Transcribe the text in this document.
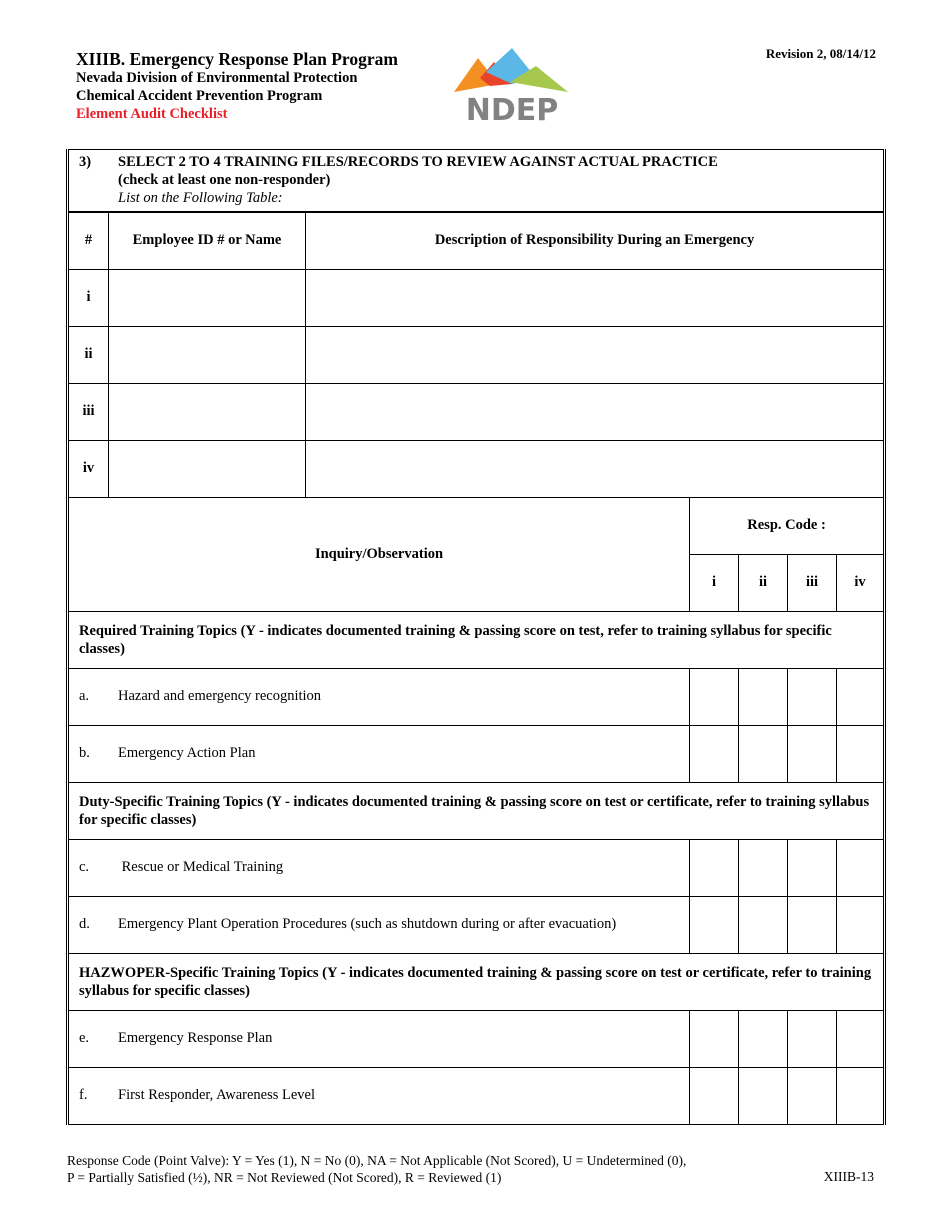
XIIIB. Emergency Response Plan Program
Nevada Division of Environmental Protection
Chemical Accident Prevention Program
Element Audit Checklist	NDEP
Revision 2, 08/14/12
3) SELECT 2 TO 4 TRAINING FILES/RECORDS TO REVIEW AGAINST ACTUAL PRACTICE
(check at least one non-responder)
List on the Following Table:						

#	Employee ID # or Name	Description of Responsibility During an Emergency				
i						
ii						
iii						
iv						
Inquiry/Observation			Resp. Code :			
			i	ii	iii	iv
Required Training Topics (Y - indicates documented training & passing score on test, refer to training syllabus for specific classes)						
a. Hazard and emergency recognition						
b. Emergency Action Plan						
Duty-Specific Training Topics (Y - indicates documented training & passing score on test or certificate, refer to training syllabus for specific classes)						
c. Rescue or Medical Training						
d. Emergency Plant Operation Procedures (such as shutdown during or after evacuation)						
HAZWOPER-Specific Training Topics (Y - indicates documented training & passing score on test or certificate, refer to training syllabus for specific classes)						
e. Emergency Response Plan						
f. First Responder, Awareness Level						
Response Code (Point Valve): Y = Yes (1), N = No (0), NA = Not Applicable (Not Scored), U = Undetermined (0),
P = Partially Satisfied (½), NR = Not Reviewed (Not Scored), R = Reviewed (1)	XIIIB-13
